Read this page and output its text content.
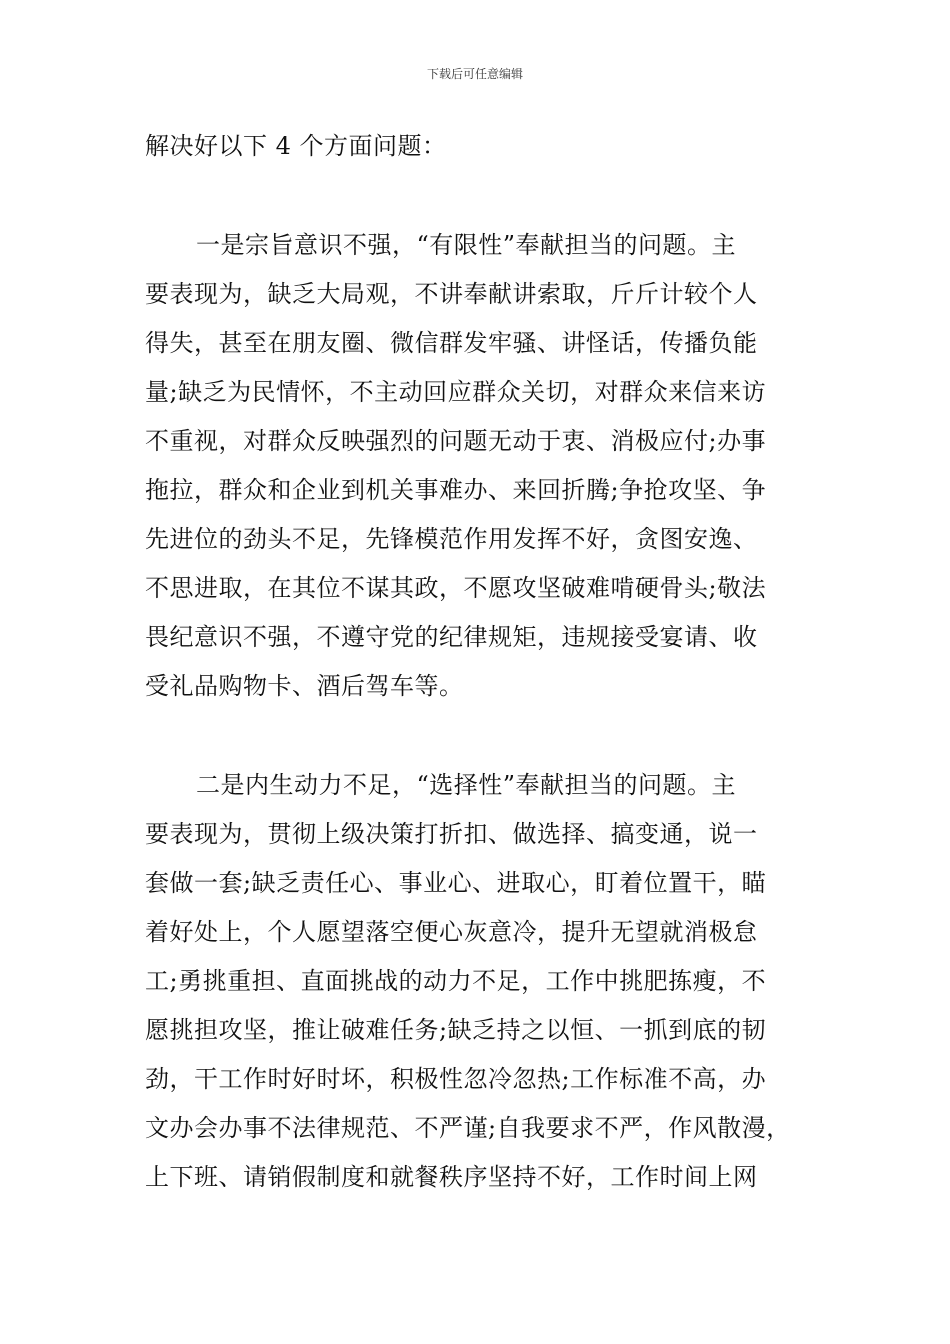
下载后可任意编辑
解决好以下 4 个方面问题：
一是宗旨意识不强，“有限性”奉献担当的问题。主
要表现为，缺乏大局观，不讲奉献讲索取，斤斤计较个人
得失，甚至在朋友圈、微信群发牢骚、讲怪话，传播负能
量;缺乏为民情怀，不主动回应群众关切，对群众来信来访
不重视，对群众反映强烈的问题无动于衷、消极应付;办事
拖拉，群众和企业到机关事难办、来回折腾;争抢攻坚、争
先进位的劲头不足，先锋模范作用发挥不好，贪图安逸、
不思进取，在其位不谋其政，不愿攻坚破难啃硬骨头;敬法
畏纪意识不强，不遵守党的纪律规矩，违规接受宴请、收
受礼品购物卡、酒后驾车等。
二是内生动力不足，“选择性”奉献担当的问题。主
要表现为，贯彻上级决策打折扣、做选择、搞变通，说一
套做一套;缺乏责任心、事业心、进取心，盯着位置干，瞄
着好处上，个人愿望落空便心灰意冷，提升无望就消极怠
工;勇挑重担、直面挑战的动力不足，工作中挑肥拣瘦，不
愿挑担攻坚，推让破难任务;缺乏持之以恒、一抓到底的韧
劲，干工作时好时坏，积极性忽冷忽热;工作标准不高，办
文办会办事不法律规范、不严谨;自我要求不严，作风散漫，
上下班、请销假制度和就餐秩序坚持不好，工作时间上网
